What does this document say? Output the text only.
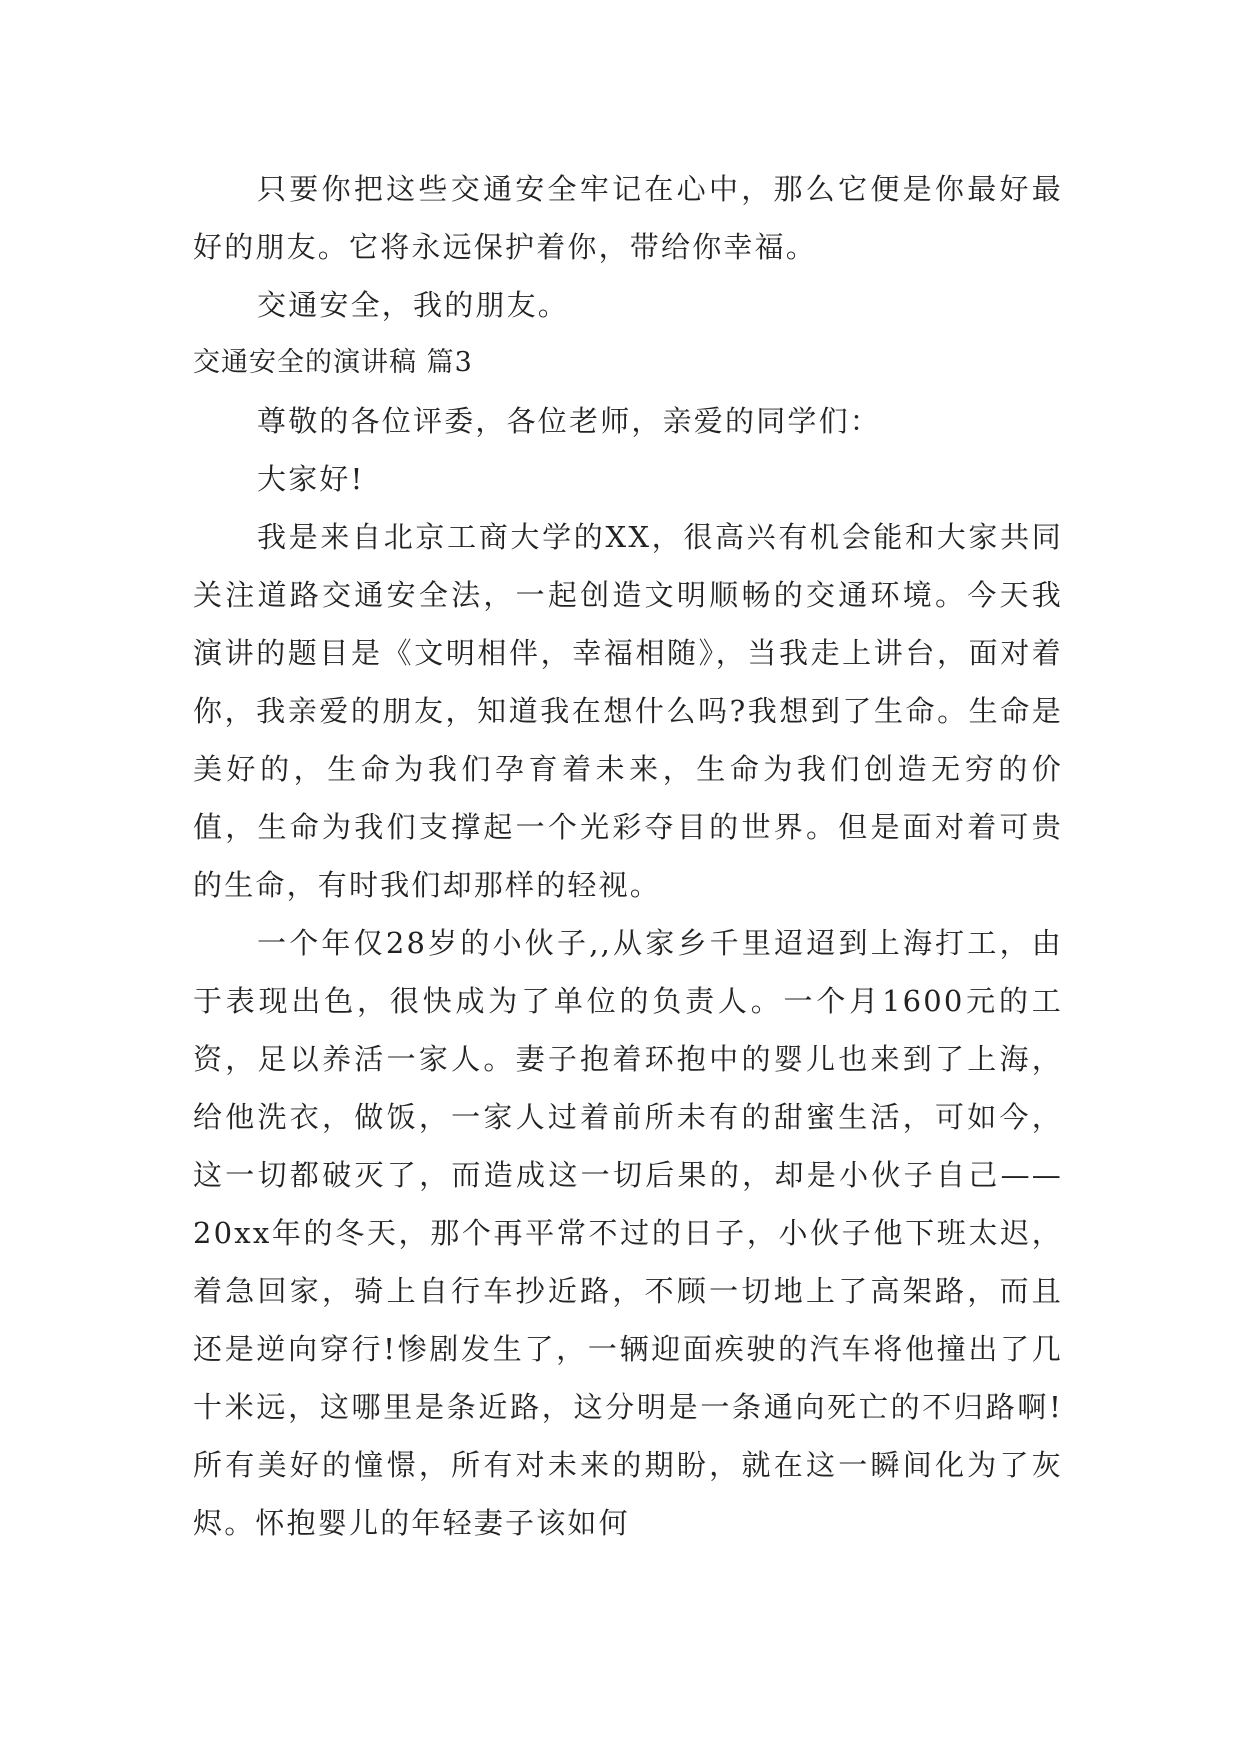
只要你把这些交通安全牢记在心中，那么它便是你最好最好的朋友。它将永远保护着你，带给你幸福。

交通安全，我的朋友。

交通安全的演讲稿 篇3

尊敬的各位评委，各位老师，亲爱的同学们：

大家好!

我是来自北京工商大学的XX，很高兴有机会能和大家共同关注道路交通安全法，一起创造文明顺畅的交通环境。今天我演讲的题目是《文明相伴，幸福相随》，当我走上讲台，面对着你，我亲爱的朋友，知道我在想什么吗?我想到了生命。生命是美好的，生命为我们孕育着未来，生命为我们创造无穷的价值，生命为我们支撑起一个光彩夺目的世界。但是面对着可贵的生命，有时我们却那样的轻视。

一个年仅28岁的小伙子,,从家乡千里迢迢到上海打工，由于表现出色，很快成为了单位的负责人。一个月1600元的工资，足以养活一家人。妻子抱着环抱中的婴儿也来到了上海，给他洗衣，做饭，一家人过着前所未有的甜蜜生活，可如今，这一切都破灭了，而造成这一切后果的，却是小伙子自己——20xx年的冬天，那个再平常不过的日子，小伙子他下班太迟，着急回家，骑上自行车抄近路，不顾一切地上了高架路，而且还是逆向穿行!惨剧发生了，一辆迎面疾驶的汽车将他撞出了几十米远，这哪里是条近路，这分明是一条通向死亡的不归路啊!所有美好的憧憬，所有对未来的期盼，就在这一瞬间化为了灰烬。怀抱婴儿的年轻妻子该如何
